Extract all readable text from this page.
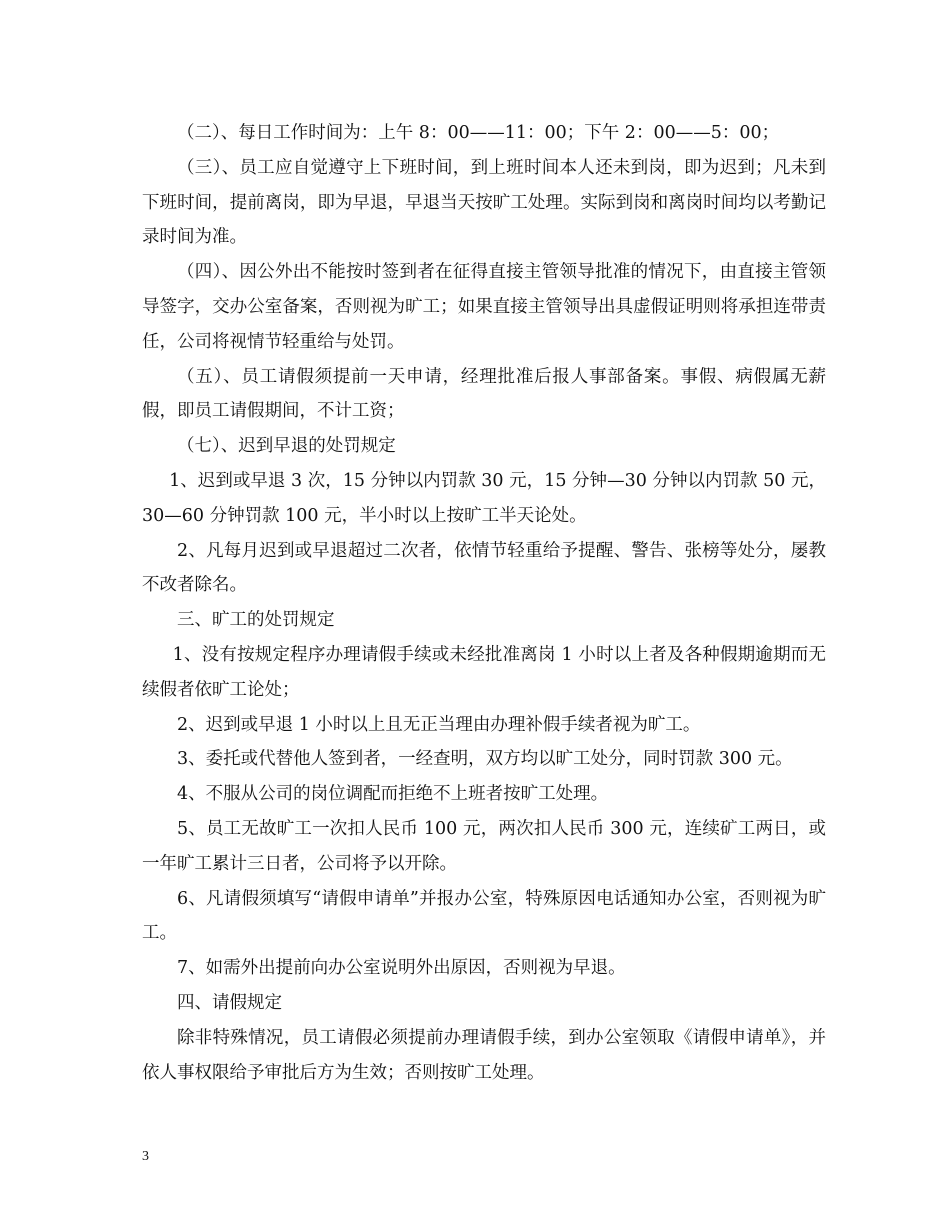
（二）、每日工作时间为：上午 8：00——11：00；下午 2：00——5：00；

（三）、员工应自觉遵守上下班时间，到上班时间本人还未到岗，即为迟到；凡未到下班时间，提前离岗，即为早退，早退当天按旷工处理。实际到岗和离岗时间均以考勤记录时间为准。

（四）、因公外出不能按时签到者在征得直接主管领导批准的情况下，由直接主管领导签字，交办公室备案，否则视为旷工；如果直接主管领导出具虚假证明则将承担连带责任，公司将视情节轻重给与处罚。

（五）、员工请假须提前一天申请，经理批准后报人事部备案。事假、病假属无薪假，即员工请假期间，不计工资；

（七）、迟到早退的处罚规定

1、迟到或早退 3 次，15 分钟以内罚款 30 元，15 分钟—30 分钟以内罚款 50 元，30—60 分钟罚款 100 元，半小时以上按旷工半天论处。

2、凡每月迟到或早退超过二次者，依情节轻重给予提醒、警告、张榜等处分，屡教不改者除名。

三、旷工的处罚规定

1、没有按规定程序办理请假手续或未经批准离岗 1 小时以上者及各种假期逾期而无续假者依旷工论处；

2、迟到或早退 1 小时以上且无正当理由办理补假手续者视为旷工。

3、委托或代替他人签到者，一经查明，双方均以旷工处分，同时罚款 300 元。

4、不服从公司的岗位调配而拒绝不上班者按旷工处理。

5、员工无故旷工一次扣人民币 100 元，两次扣人民币 300 元，连续矿工两日，或一年旷工累计三日者，公司将予以开除。

6、凡请假须填写“请假申请单”并报办公室，特殊原因电话通知办公室，否则视为旷工。

7、如需外出提前向办公室说明外出原因，否则视为早退。

四、请假规定

除非特殊情况，员工请假必须提前办理请假手续，到办公室领取《请假申请单》，并依人事权限给予审批后方为生效；否则按旷工处理。

3
